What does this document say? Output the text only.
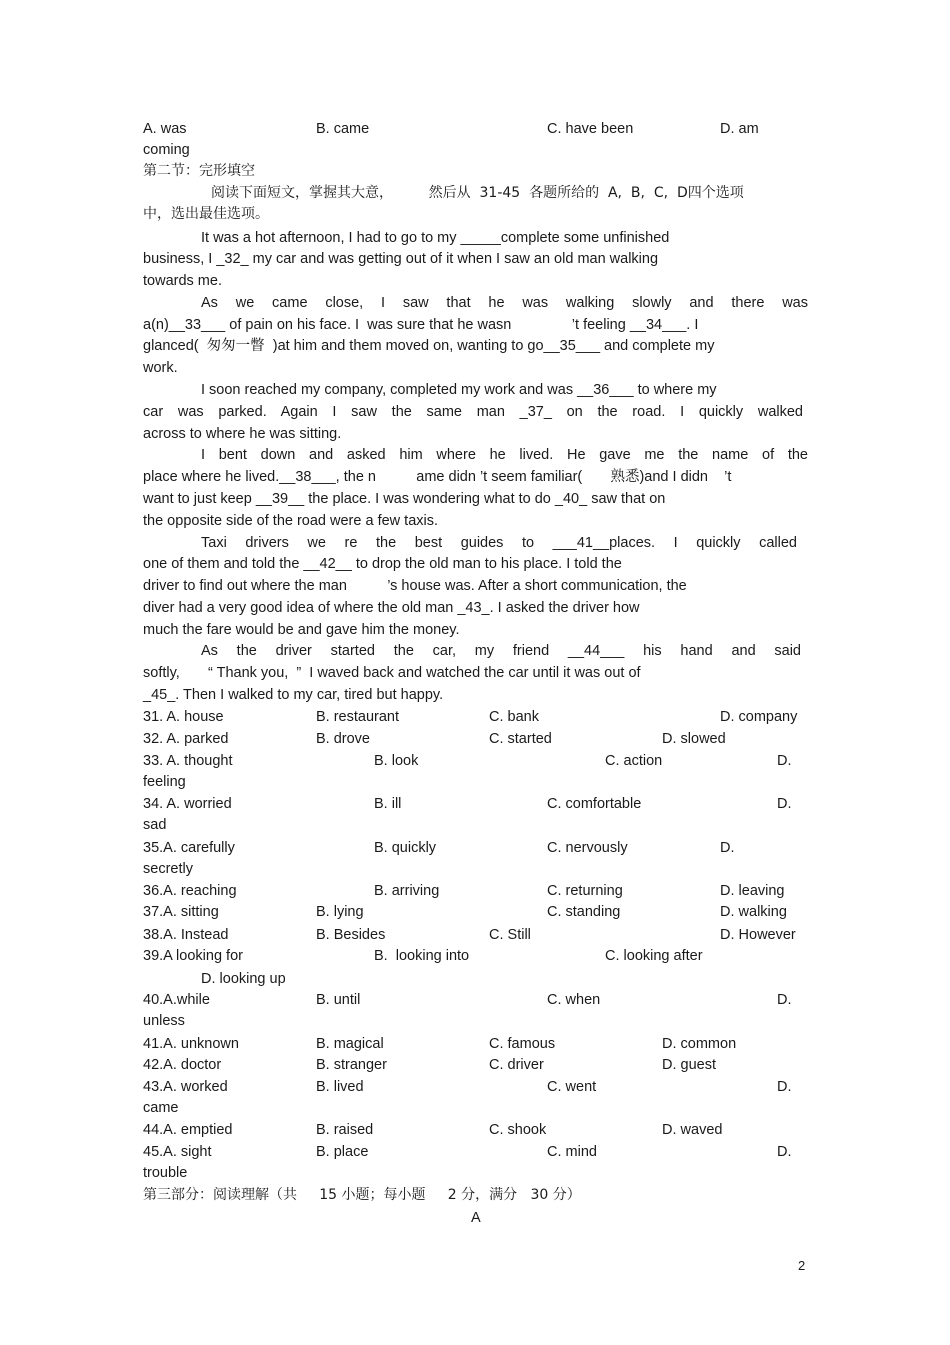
A. was	B. came	C. have been	D. am
coming
第二节：完形填空
阅读下面短文，掌握其大意，        然后从  31-45  各题所给的  A,  B,  C,  D四个选项
中，选出最佳选项。
It was a hot afternoon, I had to go to my _____complete some unfinished
business, I _32_ my car and was getting out of it when I saw an old man walking
towards me.
As we came close, I saw that he was walking slowly and there was
a(n)__33___ of pain on his face. I  was sure that he wasn               ’t feeling __34___. I
glanced(  匆匆一瞥  )at him and them moved on, wanting to go__35___ and complete my
work.
I soon reached my company, completed my work and was __36___ to where my
car was parked. Again I saw the same man _37_ on the road. I quickly walked
across to where he was sitting.
I bent down and asked him where he lived. He gave me the name of the
place where he lived.__38___, the n          ame didn ’t seem familiar(       熟悉)and I didn    ’t
want to just keep __39__ the place. I was wondering what to do _40_ saw that on
the opposite side of the road were a few taxis.
Taxi drivers we re the best guides to ___41__places. I quickly called
one of them and told the __42__ to drop the old man to his place. I told the
driver to find out where the man          ’s house was. After a short communication, the
diver had a very good idea of where the old man _43_. I asked the driver how
much the fare would be and gave him the money.
As the driver started the car, my friend __44___ his hand and said
softly,       “ Thank you,  ”  I waved back and watched the car until it was out of
_45_. Then I walked to my car, tired but happy.
31. A. house	B. restaurant	C. bank	D. company
32. A. parked	B. drove	C. started	D. slowed
33. A. thought	B. look	C. action	D.
feeling
34. A. worried	B. ill	C. comfortable	D.
sad
35.A. carefully	B. quickly	C. nervously	D.
secretly
36.A. reaching	B. arriving	C. returning	D. leaving
37.A. sitting	B. lying	C. standing	D. walking
38.A. Instead	B. Besides	C. Still	D. However
39.A looking for	B.  looking into	C. looking after
D. looking up
40.A.while	B. until	C. when	D.
unless
41.A. unknown	B. magical	C. famous	D. common
42.A. doctor	B. stranger	C. driver	D. guest
43.A. worked	B. lived	C. went	D.
came
44.A. emptied	B. raised	C. shook	D. waved
45.A. sight	B. place	C. mind	D.
trouble
第三部分：阅读理解（共     15 小题；每小题     2 分，满分   30 分）
A
2
